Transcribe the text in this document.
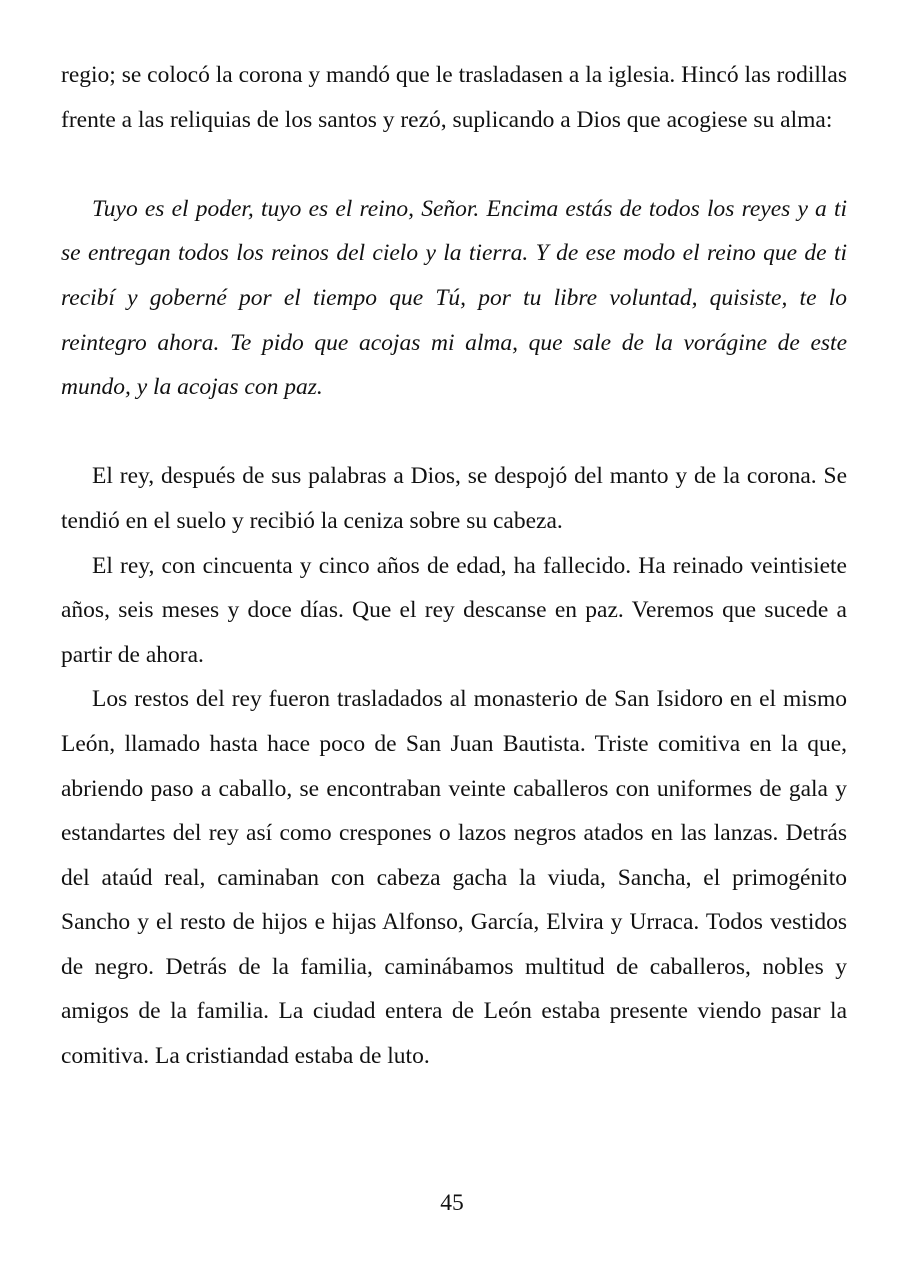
regio; se colocó la corona y mandó que le trasladasen a la iglesia. Hincó las rodillas frente a las reliquias de los santos y rezó, suplicando a Dios que acogiese su alma:

Tuyo es el poder, tuyo es el reino, Señor. Encima estás de todos los reyes y a ti se entregan todos los reinos del cielo y la tierra. Y de ese modo el reino que de ti recibí y goberné por el tiempo que Tú, por tu libre voluntad, quisiste, te lo reintegro ahora. Te pido que acojas mi alma, que sale de la vorágine de este mundo, y la acojas con paz.

El rey, después de sus palabras a Dios, se despojó del manto y de la corona. Se tendió en el suelo y recibió la ceniza sobre su cabeza.

El rey, con cincuenta y cinco años de edad, ha fallecido. Ha reinado veintisiete años, seis meses y doce días. Que el rey descanse en paz. Veremos que sucede a partir de ahora.

Los restos del rey fueron trasladados al monasterio de San Isidoro en el mismo León, llamado hasta hace poco de San Juan Bautista. Triste comitiva en la que, abriendo paso a caballo, se encontraban veinte caballeros con uniformes de gala y estandartes del rey así como crespones o lazos negros atados en las lanzas. Detrás del ataúd real, caminaban con cabeza gacha la viuda, Sancha, el primogénito Sancho y el resto de hijos e hijas Alfonso, García, Elvira y Urraca. Todos vestidos de negro. Detrás de la familia, caminábamos multitud de caballeros, nobles y amigos de la familia. La ciudad entera de León estaba presente viendo pasar la comitiva. La cristiandad estaba de luto.

45
